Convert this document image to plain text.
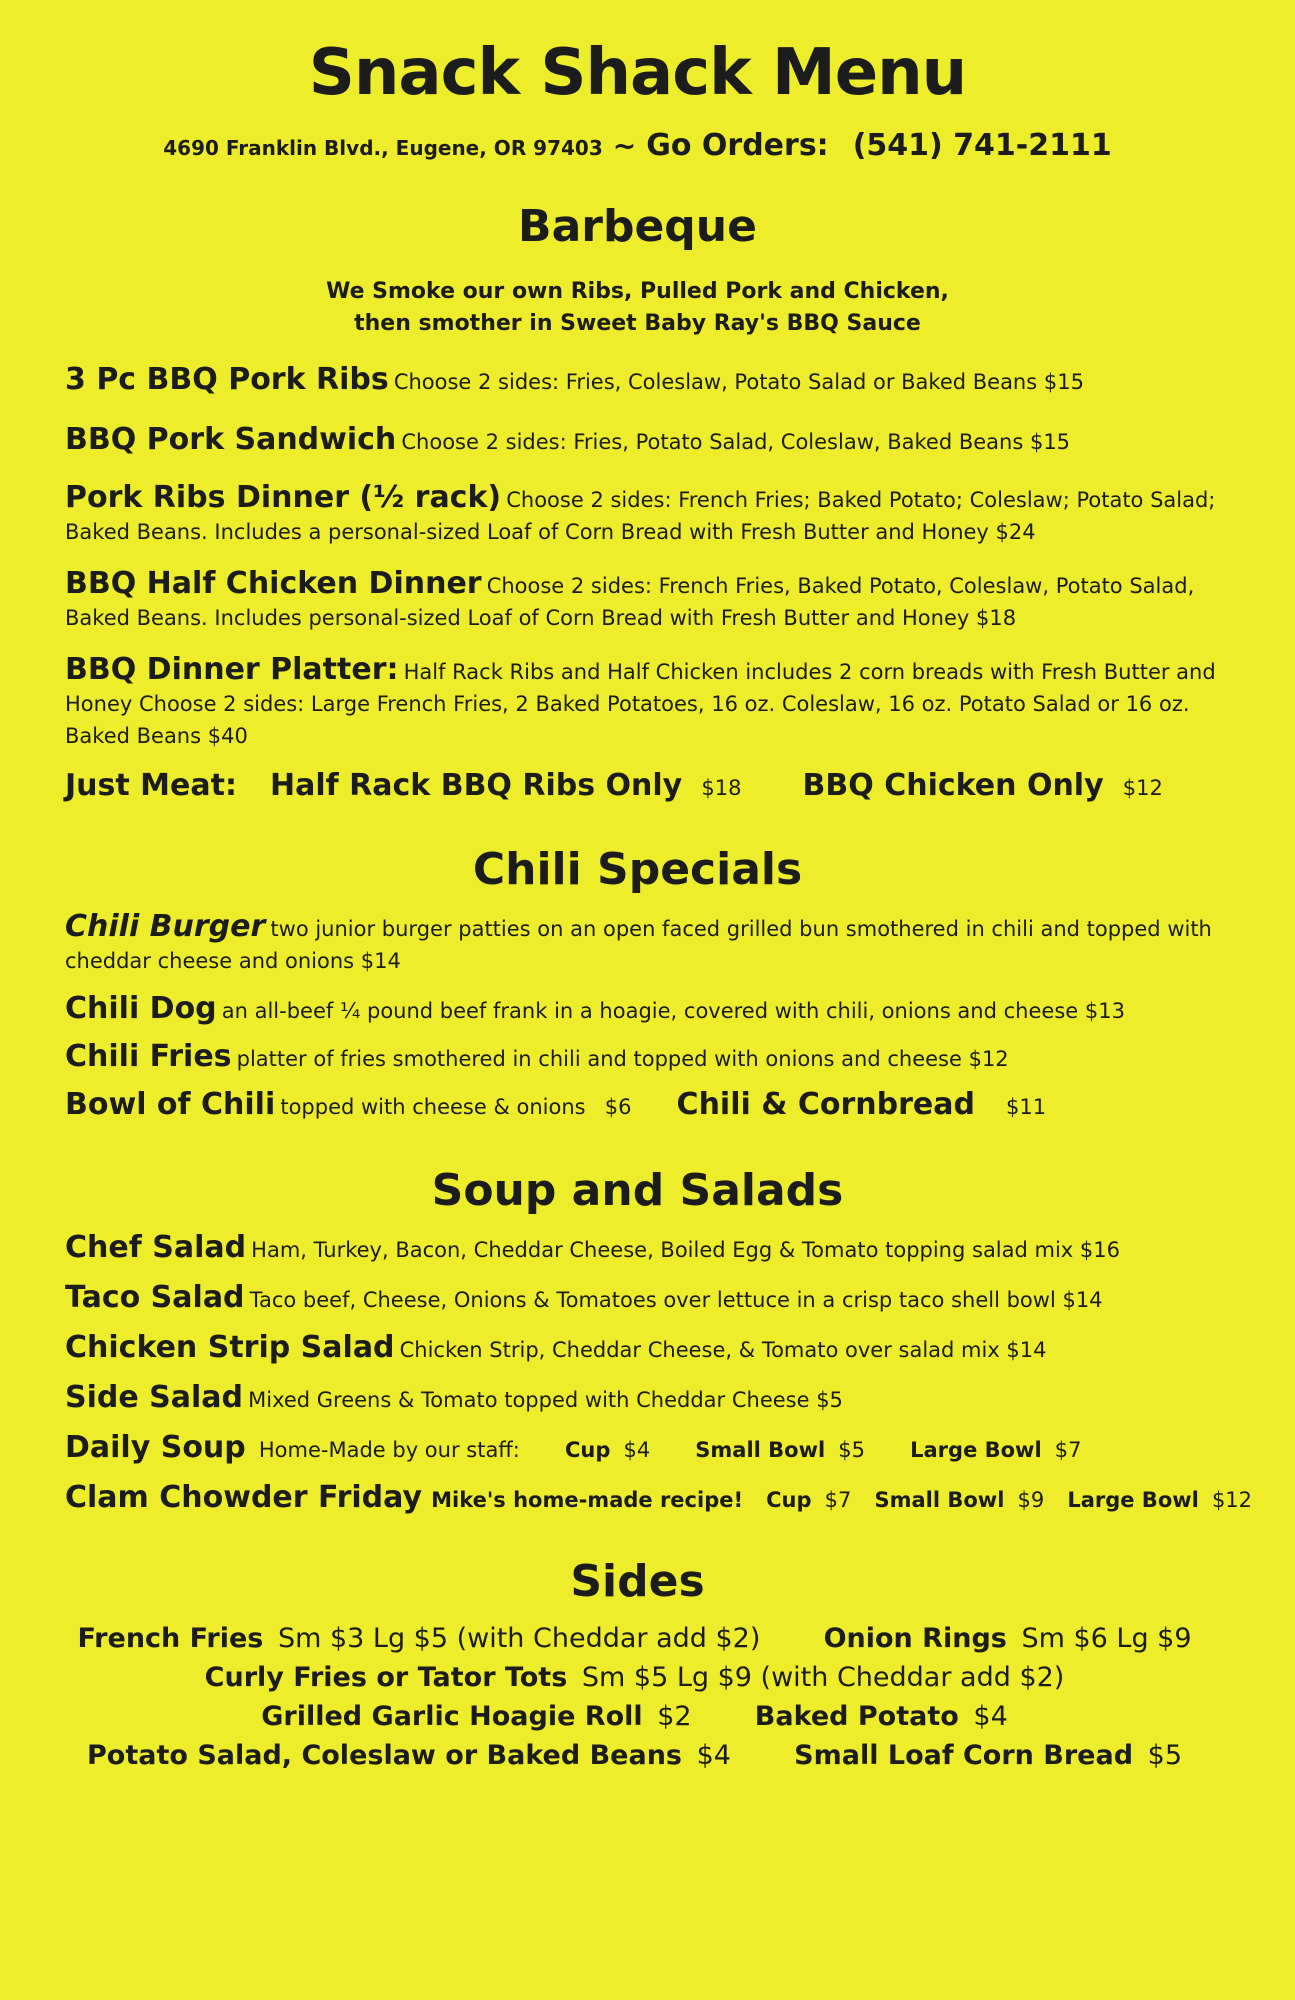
Snack Shack Menu
4690 Franklin Blvd., Eugene, OR 97403 ~ Go Orders: (541) 741-2111
Barbeque
We Smoke our own Ribs, Pulled Pork and Chicken,
then smother in Sweet Baby Ray's BBQ Sauce
3 Pc BBQ Pork Ribs Choose 2 sides: Fries, Coleslaw, Potato Salad or Baked Beans $15
BBQ Pork Sandwich Choose 2 sides: Fries, Potato Salad, Coleslaw, Baked Beans $15
Pork Ribs Dinner (½ rack) Choose 2 sides: French Fries; Baked Potato; Coleslaw; Potato Salad; Baked Beans. Includes a personal-sized Loaf of Corn Bread with Fresh Butter and Honey $24
BBQ Half Chicken Dinner Choose 2 sides: French Fries, Baked Potato, Coleslaw, Potato Salad, Baked Beans. Includes personal-sized Loaf of Corn Bread with Fresh Butter and Honey $18
BBQ Dinner Platter: Half Rack Ribs and Half Chicken includes 2 corn breads with Fresh Butter and Honey Choose 2 sides: Large French Fries, 2 Baked Potatoes, 16 oz. Coleslaw, 16 oz. Potato Salad or 16 oz. Baked Beans $40
Just Meat: Half Rack BBQ Ribs Only $18 BBQ Chicken Only $12
Chili Specials
Chili Burger two junior burger patties on an open faced grilled bun smothered in chili and topped with cheddar cheese and onions $14
Chili Dog an all-beef ¼ pound beef frank in a hoagie, covered with chili, onions and cheese $13
Chili Fries platter of fries smothered in chili and topped with onions and cheese $12
Bowl of Chili topped with cheese & onions $6 Chili & Cornbread $11
Soup and Salads
Chef Salad Ham, Turkey, Bacon, Cheddar Cheese, Boiled Egg & Tomato topping salad mix $16
Taco Salad Taco beef, Cheese, Onions & Tomatoes over lettuce in a crisp taco shell bowl $14
Chicken Strip Salad Chicken Strip, Cheddar Cheese, & Tomato over salad mix $14
Side Salad Mixed Greens & Tomato topped with Cheddar Cheese $5
Daily Soup Home-Made by our staff: Cup $4 Small Bowl $5 Large Bowl $7
Clam Chowder Friday Mike's home-made recipe! Cup $7 Small Bowl $9 Large Bowl $12
Sides
French Fries Sm $3 Lg $5 (with Cheddar add $2) Onion Rings Sm $6 Lg $9
Curly Fries or Tator Tots Sm $5 Lg $9 (with Cheddar add $2)
Grilled Garlic Hoagie Roll $2 Baked Potato $4
Potato Salad, Coleslaw or Baked Beans $4 Small Loaf Corn Bread $5
